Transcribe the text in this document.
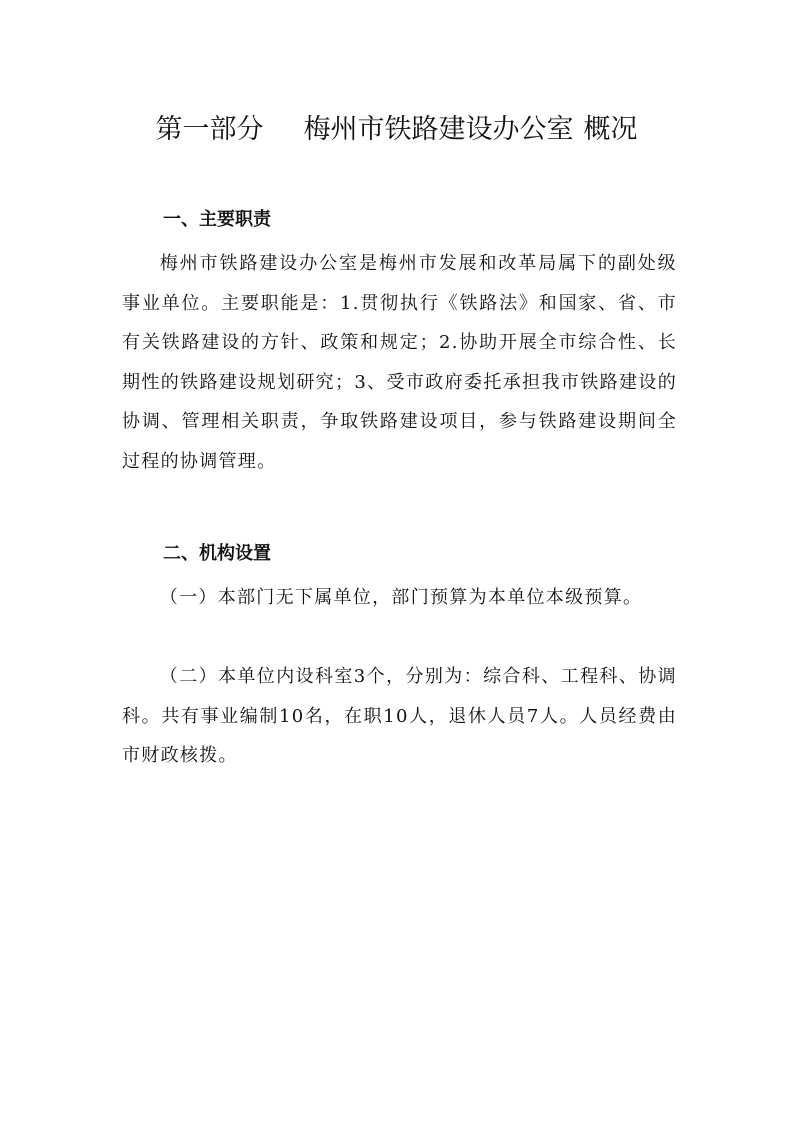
第一部分 梅州市铁路建设办公室 概况
一、主要职责

梅州市铁路建设办公室是梅州市发展和改革局属下的副处级事业单位。主要职能是：1.贯彻执行《铁路法》和国家、省、市有关铁路建设的方针、政策和规定；2.协助开展全市综合性、长期性的铁路建设规划研究；3、受市政府委托承担我市铁路建设的协调、管理相关职责，争取铁路建设项目，参与铁路建设期间全过程的协调管理。

二、机构设置

（一）本部门无下属单位，部门预算为本单位本级预算。

（二）本单位内设科室3个，分别为：综合科、工程科、协调科。共有事业编制10名，在职10人，退休人员7人。人员经费由市财政核拨。
